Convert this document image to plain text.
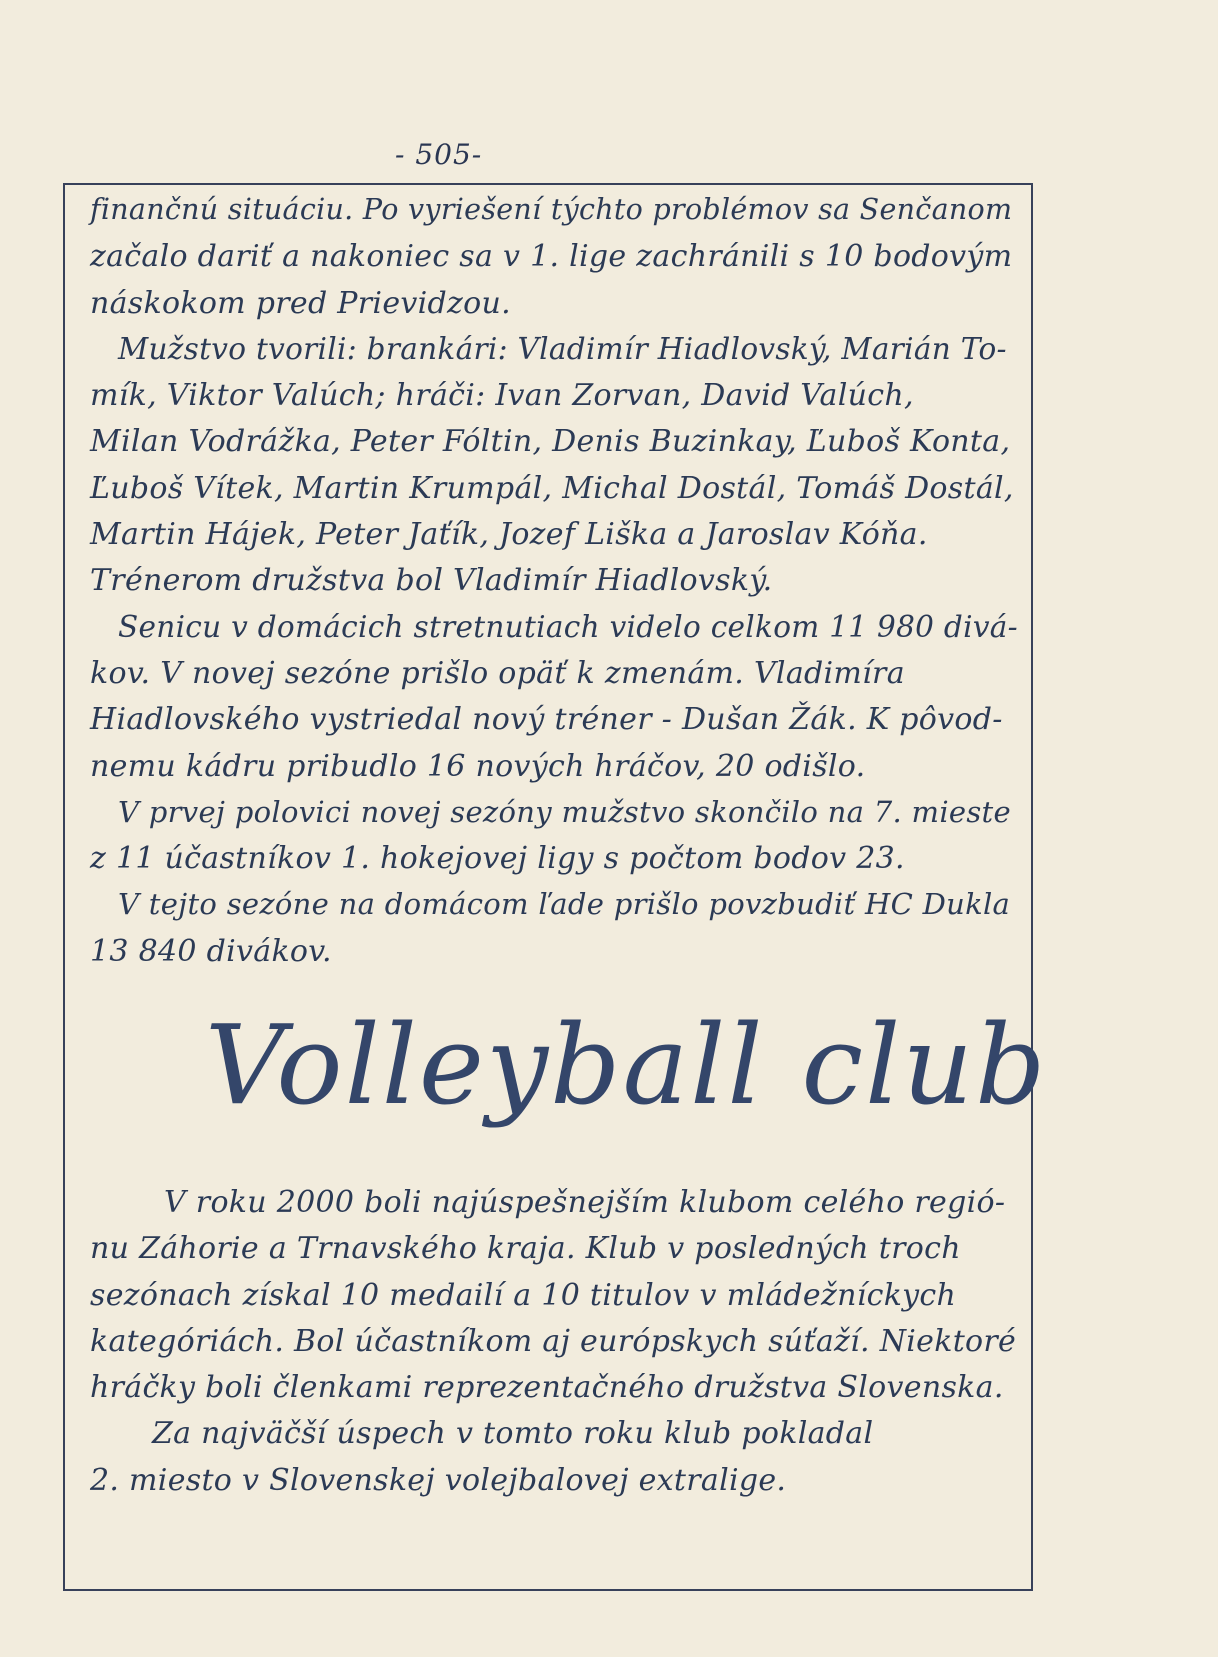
- 505-
finančnú situáciu. Po vyriešení týchto problémov sa Senčanom
začalo dariť a nakoniec sa v 1. lige zachránili s 10 bodovým
náskokom pred Prievidzou.
Mužstvo tvorili: brankári: Vladimír Hiadlovský, Marián To-
mík, Viktor Valúch; hráči: Ivan Zorvan, David Valúch,
Milan Vodrážka, Peter Fóltin, Denis Buzinkay, Ľuboš Konta,
Ľuboš Vítek, Martin Krumpál, Michal Dostál, Tomáš Dostál,
Martin Hájek, Peter Jaťík, Jozef Liška a Jaroslav Kóňa.
Trénerom družstva bol Vladimír Hiadlovský.
Senicu v domácich stretnutiach videlo celkom 11 980 divá-
kov. V novej sezóne prišlo opäť k zmenám. Vladimíra
Hiadlovského vystriedal nový tréner - Dušan Žák. K pôvod-
nemu kádru pribudlo 16 nových hráčov, 20 odišlo.
V prvej polovici novej sezóny mužstvo skončilo na 7. mieste
z 11 účastníkov 1. hokejovej ligy s počtom bodov 23.
V tejto sezóne na domácom ľade prišlo povzbudiť HC Dukla
13 840 divákov.
Volleyball club
V roku 2000 boli najúspešnejším klubom celého regió-
nu Záhorie a Trnavského kraja. Klub v posledných troch
sezónach získal 10 medailí a 10 titulov v mládežníckych
kategóriách. Bol účastníkom aj európskych súťaží. Niektoré
hráčky boli členkami reprezentačného družstva Slovenska.
Za najväčší úspech v tomto roku klub pokladal
2. miesto v Slovenskej volejbalovej extralige.
